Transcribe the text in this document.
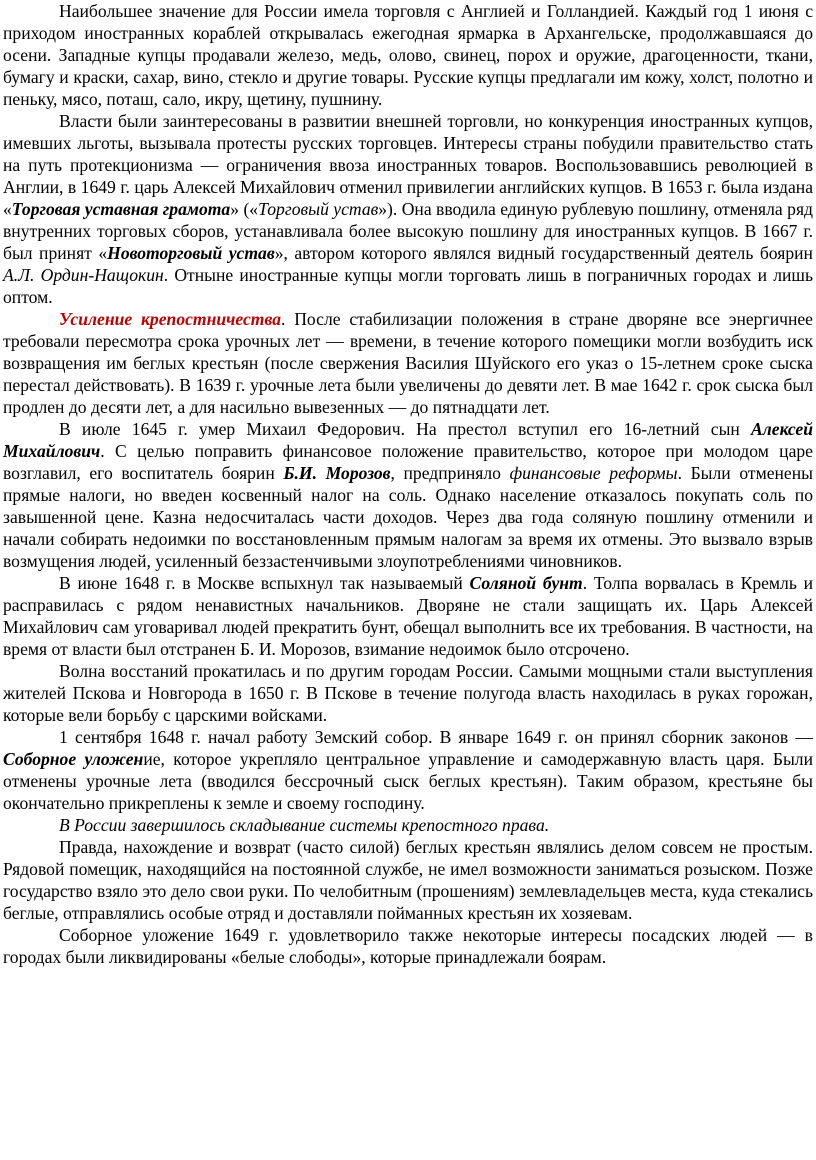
Наибольшее значение для России имела торговля с Англией и Голландией. Каждый год 1 июня с приходом иностранных кораблей открывалась ежегодная ярмарка в Архангельске, продолжавшаяся до осени. Западные купцы продавали железо, медь, олово, свинец, порох и оружие, драгоценности, ткани, бумагу и краски, сахар, вино, стекло и другие товары. Русские купцы предлагали им кожу, холст, полотно и пеньку, мясо, поташ, сало, икру, щетину, пушнину.

Власти были заинтересованы в развитии внешней торговли, но конкуренция иностранных купцов, имевших льготы, вызывала протесты русских торговцев. Интересы страны побудили правительство стать на путь протекционизма — ограничения ввоза иностранных товаров. Воспользовавшись революцией в Англии, в 1649 г. царь Алексей Михайлович отменил привилегии английских купцов. В 1653 г. была издана «Торговая уставная грамота» («Торговый устав»). Она вводила единую рублевую пошлину, отменяла ряд внутренних торговых сборов, устанавливала более высокую пошлину для иностранных купцов. В 1667 г. был принят «Новоторговый устав», автором которого являлся видный государственный деятель боярин А.Л. Ордин-Нащокин. Отныне иностранные купцы могли торговать лишь в пограничных городах и лишь оптом.

Усиление крепостничества. После стабилизации положения в стране дворяне все энергичнее требовали пересмотра срока урочных лет — времени, в течение которого помещики могли возбудить иск возвращения им беглых крестьян (после свержения Василия Шуйского его указ о 15-летнем сроке сыска перестал действовать). В 1639 г. урочные лета были увеличены до девяти лет. В мае 1642 г. срок сыска был продлен до десяти лет, а для насильно вывезенных — до пятнадцати лет.

В июле 1645 г. умер Михаил Федорович. На престол вступил его 16-летний сын Алексей Михайлович. С целью поправить финансовое положение правительство, которое при молодом царе возглавил, его воспитатель боярин Б.И. Морозов, предприняло финансовые реформы. Были отменены прямые налоги, но введен косвенный налог на соль. Однако население отказалось покупать соль по завышенной цене. Казна недосчиталась части доходов. Через два года соляную пошлину отменили и начали собирать недоимки по восстановленным прямым налогам за время их отмены. Это вызвало взрыв возмущения людей, усиленный беззастенчивыми злоупотреблениями чиновников.

В июне 1648 г. в Москве вспыхнул так называемый Соляной бунт. Толпа ворвалась в Кремль и расправилась с рядом ненавистных начальников. Дворяне не стали защищать их. Царь Алексей Михайлович сам уговаривал людей прекратить бунт, обещал выполнить все их требования. В частности, на время от власти был отстранен Б. И. Морозов, взимание недоимок было отсрочено.

Волна восстаний прокатилась и по другим городам России. Самыми мощными стали выступления жителей Пскова и Новгорода в 1650 г. В Пскове в течение полугода власть находилась в руках горожан, которые вели борьбу с царскими войсками.

1 сентября 1648 г. начал работу Земский собор. В январе 1649 г. он принял сборник законов — Соборное уложение, которое укрепляло центральное управление и самодержавную власть царя. Были отменены урочные лета (вводился бессрочный сыск беглых крестьян). Таким образом, крестьяне бы окончательно прикреплены к земле и своему господину.

В России завершилось складывание системы крепостного права.

Правда, нахождение и возврат (часто силой) беглых крестьян являлись делом совсем не простым. Рядовой помещик, находящийся на постоянной службе, не имел возможности заниматься розыском. Позже государство взяло это дело свои руки. По челобитным (прошениям) землевладельцев места, куда стекались беглые, отправлялись особые отряд и доставляли пойманных крестьян их хозяевам.

Соборное уложение 1649 г. удовлетворило также некоторые интересы посадских людей — в городах были ликвидированы «белые слободы», которые принадлежали боярам.
